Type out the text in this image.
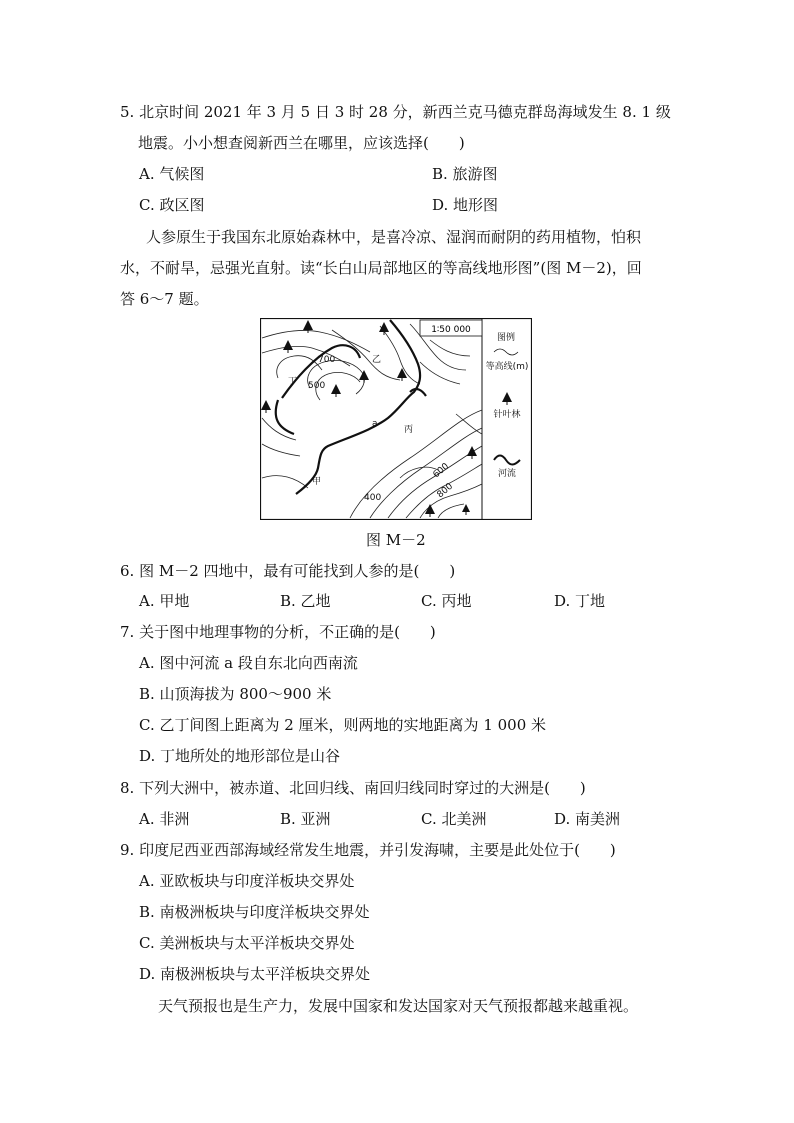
5. 北京时间 2021 年 3 月 5 日 3 时 28 分，新西兰克马德克群岛海域发生 8. 1 级
地震。小小想查阅新西兰在哪里，应该选择(　　)
A. 气候图	B. 旅游图
C. 政区图	D. 地形图
人参原生于我国东北原始森林中，是喜冷凉、湿润而耐阴的药用植物，怕积
水，不耐旱，忌强光直射。读“长白山局部地区的等高线地形图”(图 M－2)，回
答 6～7 题。
1∶50 000
700
500
400
600
800
乙
丁
丙
甲
a
图例
等高线(m)
针叶林
河流
图 M－2
6. 图 M－2 四地中，最有可能找到人参的是(　　)
A. 甲地	B. 乙地	C. 丙地	D. 丁地
7. 关于图中地理事物的分析，不正确的是(　　)
A. 图中河流 a 段自东北向西南流
B. 山顶海拔为 800～900 米
C. 乙丁间图上距离为 2 厘米，则两地的实地距离为 1 000 米
D. 丁地所处的地形部位是山谷
8. 下列大洲中，被赤道、北回归线、南回归线同时穿过的大洲是(　　)
A. 非洲	B. 亚洲	C. 北美洲	D. 南美洲
9. 印度尼西亚西部海域经常发生地震，并引发海啸，主要是此处位于(　　)
A. 亚欧板块与印度洋板块交界处
B. 南极洲板块与印度洋板块交界处
C. 美洲板块与太平洋板块交界处
D. 南极洲板块与太平洋板块交界处
天气预报也是生产力，发展中国家和发达国家对天气预报都越来越重视。
